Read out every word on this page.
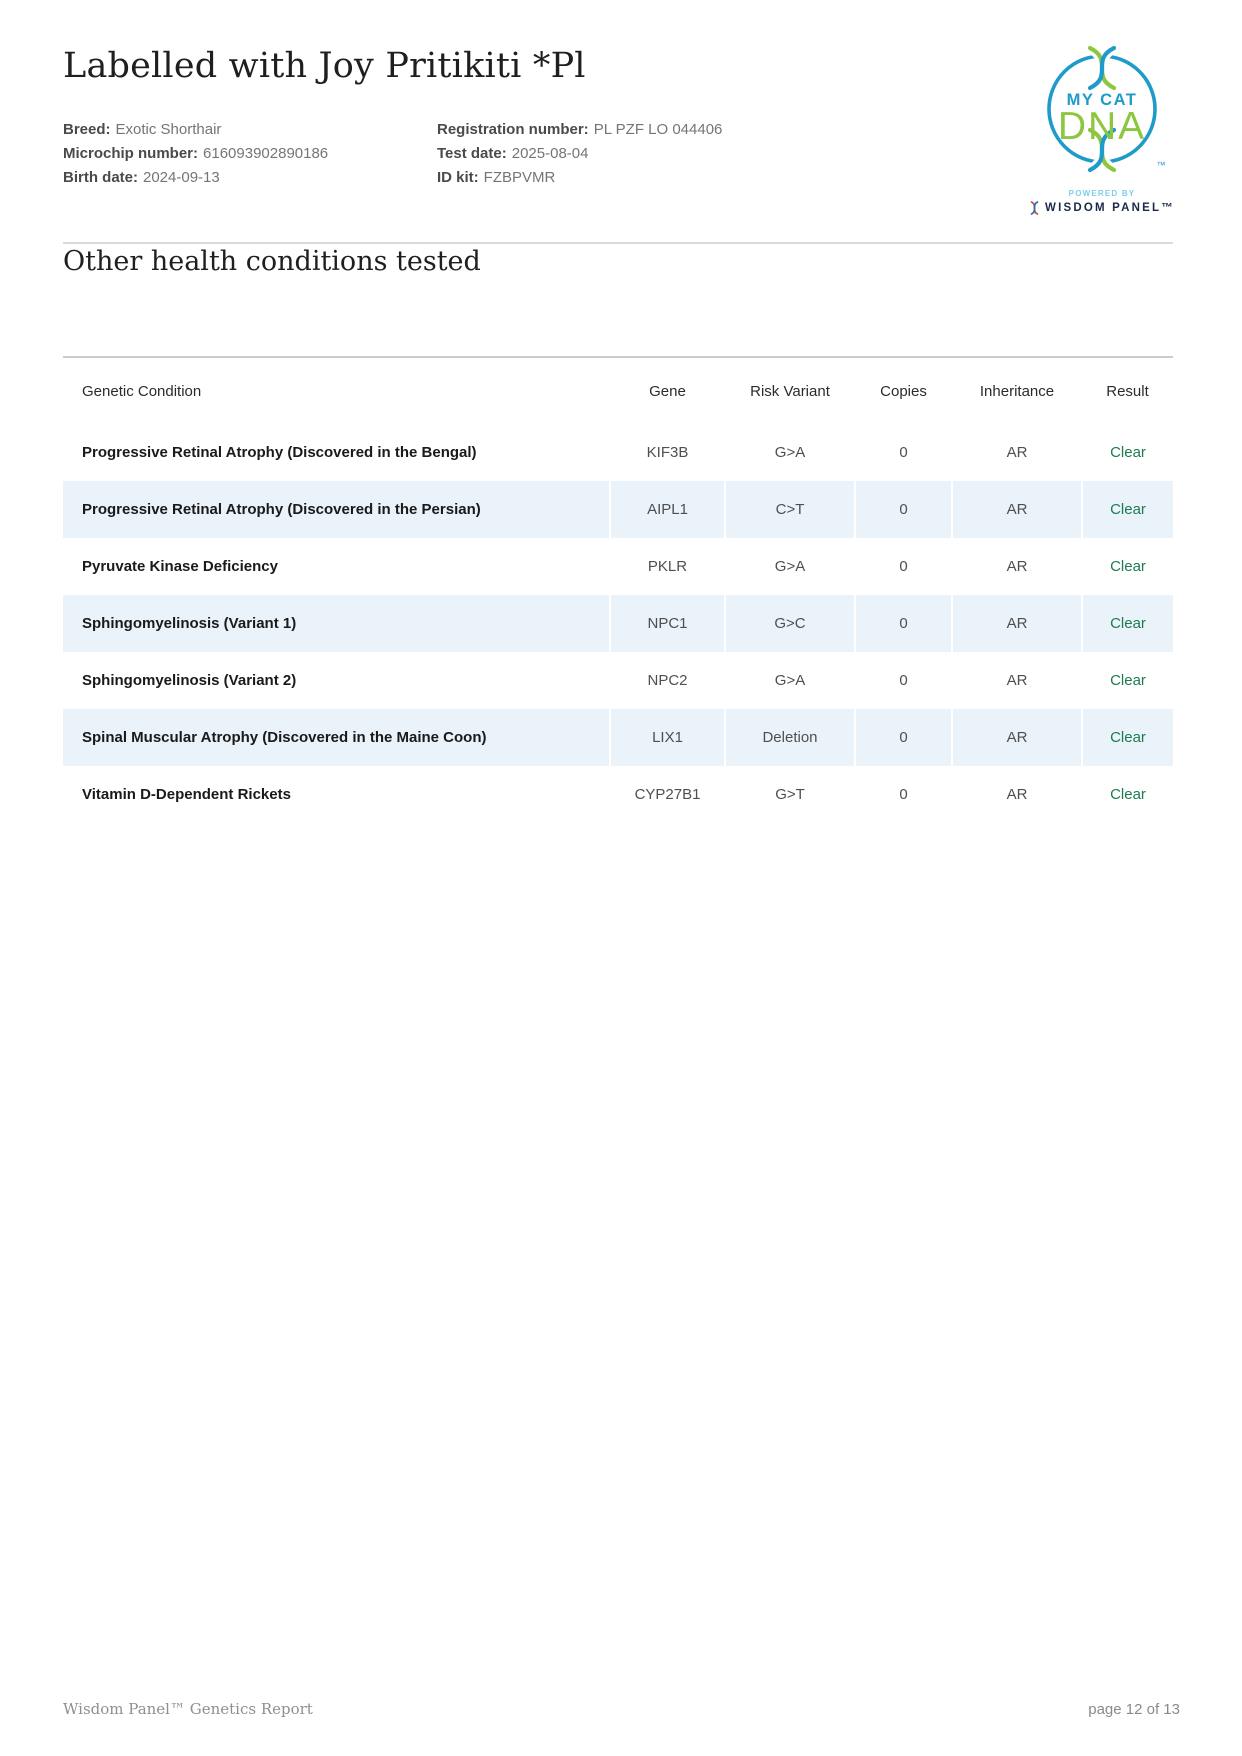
Labelled with Joy Pritikiti *Pl
MY CAT
DNA
™
POWERED BY
WISDOM PANEL™
Breed: Exotic Shorthair
Microchip number: 616093902890186
Birth date: 2024-09-13
Registration number: PL PZF LO 044406
Test date: 2025-08-04
ID kit: FZBPVMR
Other health conditions tested
Genetic Condition	Gene	Risk Variant	Copies	Inheritance	Result
Progressive Retinal Atrophy (Discovered in the Bengal)	KIF3B	G>A	0	AR	Clear
Progressive Retinal Atrophy (Discovered in the Persian)	AIPL1	C>T	0	AR	Clear
Pyruvate Kinase Deficiency	PKLR	G>A	0	AR	Clear
Sphingomyelinosis (Variant 1)	NPC1	G>C	0	AR	Clear
Sphingomyelinosis (Variant 2)	NPC2	G>A	0	AR	Clear
Spinal Muscular Atrophy (Discovered in the Maine Coon)	LIX1	Deletion	0	AR	Clear
Vitamin D-Dependent Rickets	CYP27B1	G>T	0	AR	Clear
Wisdom Panel™ Genetics Report	page 12 of 13
